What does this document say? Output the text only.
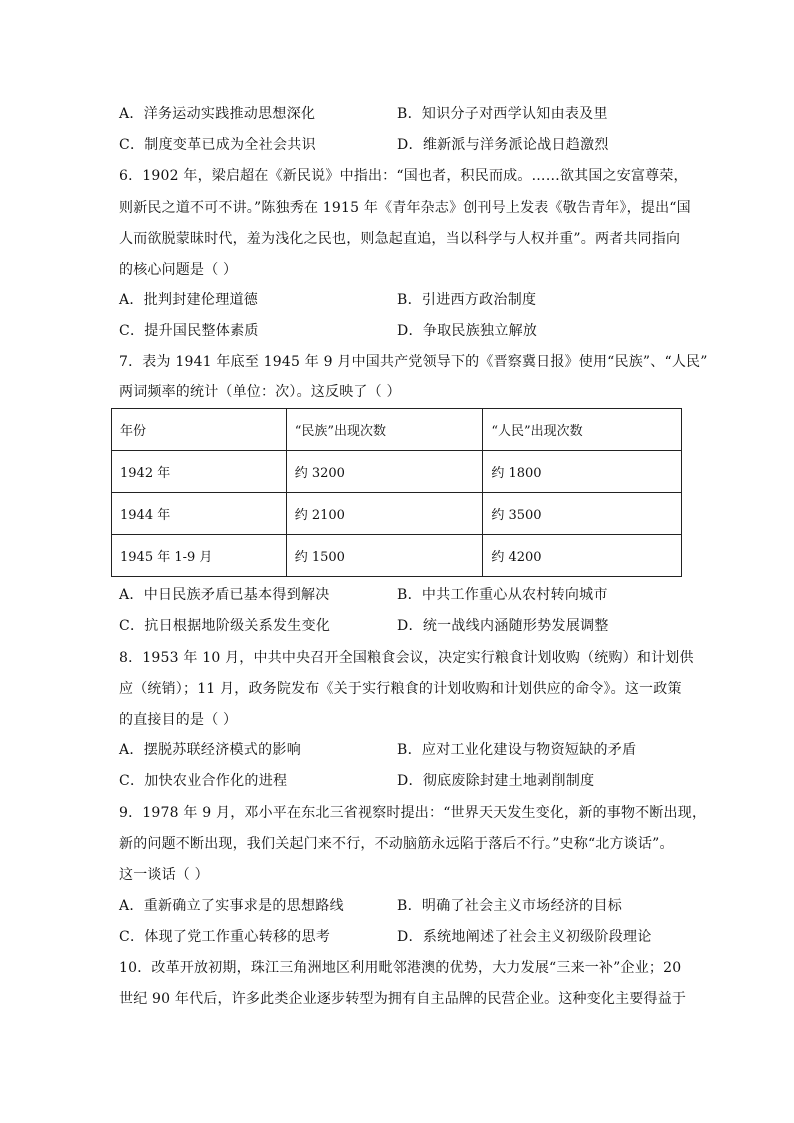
A．洋务运动实践推动思想深化	B．知识分子对西学认知由表及里
C．制度变革已成为全社会共识	D．维新派与洋务派论战日趋激烈
6．1902 年，梁启超在《新民说》中指出：“国也者，积民而成。……欲其国之安富尊荣，
则新民之道不可不讲。”陈独秀在 1915 年《青年杂志》创刊号上发表《敬告青年》，提出“国
人而欲脱蒙昧时代，羞为浅化之民也，则急起直追，当以科学与人权并重”。两者共同指向
的核心问题是（ ）
A．批判封建伦理道德	B．引进西方政治制度
C．提升国民整体素质	D．争取民族独立解放
7．表为 1941 年底至 1945 年 9 月中国共产党领导下的《晋察冀日报》使用“民族”、“人民”
两词频率的统计（单位：次）。这反映了（ ）
年份	“民族”出现次数	“人民”出现次数
1942 年	约 3200	约 1800
1944 年	约 2100	约 3500
1945 年 1-9 月	约 1500	约 4200
A．中日民族矛盾已基本得到解决	B．中共工作重心从农村转向城市
C．抗日根据地阶级关系发生变化	D．统一战线内涵随形势发展调整
8．1953 年 10 月，中共中央召开全国粮食会议，决定实行粮食计划收购（统购）和计划供
应（统销）；11 月，政务院发布《关于实行粮食的计划收购和计划供应的命令》。这一政策
的直接目的是（ ）
A．摆脱苏联经济模式的影响	B．应对工业化建设与物资短缺的矛盾
C．加快农业合作化的进程	D．彻底废除封建土地剥削制度
9．1978 年 9 月，邓小平在东北三省视察时提出：“世界天天发生变化，新的事物不断出现，
新的问题不断出现，我们关起门来不行，不动脑筋永远陷于落后不行。”史称“北方谈话”。
这一谈话（ ）
A．重新确立了实事求是的思想路线	B．明确了社会主义市场经济的目标
C．体现了党工作重心转移的思考	D．系统地阐述了社会主义初级阶段理论
10．改革开放初期，珠江三角洲地区利用毗邻港澳的优势，大力发展“三来一补”企业；20
世纪 90 年代后，许多此类企业逐步转型为拥有自主品牌的民营企业。这种变化主要得益于
